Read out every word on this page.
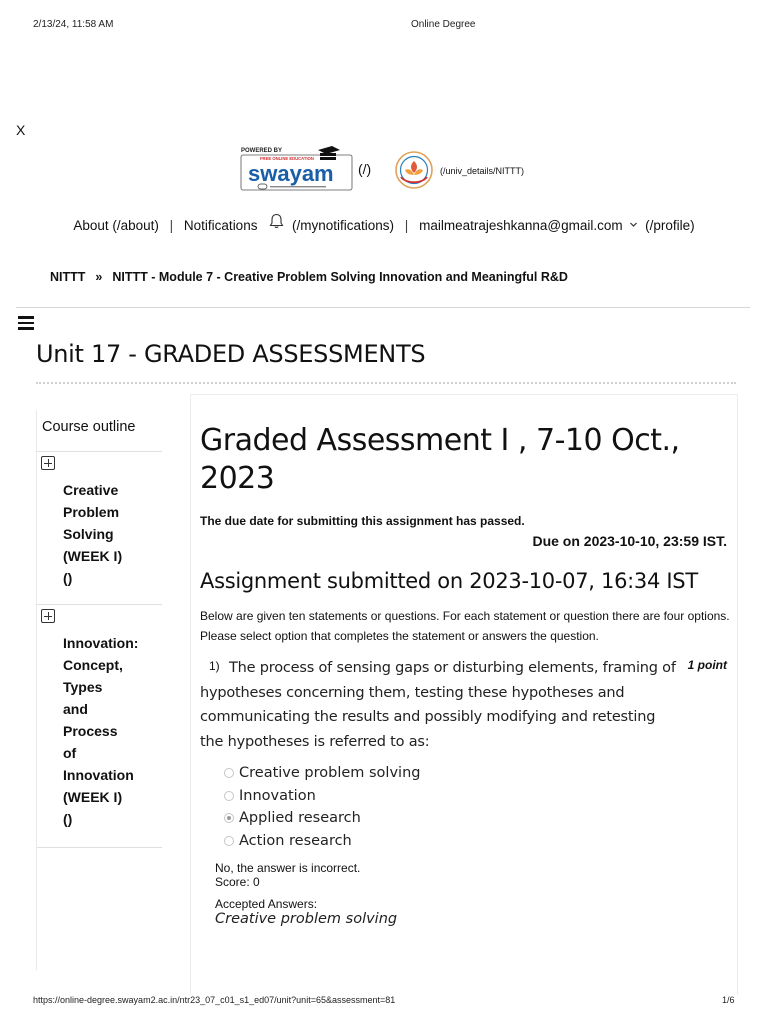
2/13/24, 11:58 AM	Online Degree
X
POWERED BY
FREE ONLINE EDUCATION
swayam (/)	(/univ_details/NITTT)
About (/about) | Notifications	(/mynotifications) | mailmeatrajeshkanna@gmail.com (/profile)
NITTT » NITTT - Module 7 - Creative Problem Solving Innovation and Meaningful R&D
Unit 17 - GRADED ASSESSMENTS
Course outline
Creative
Problem
Solving
(WEEK I)
()
Innovation:
Concept,
Types
and
Process
of
Innovation
(WEEK I)
()
Graded Assessment I , 7-10 Oct., 2023
The due date for submitting this assignment has passed.
Due on 2023-10-10, 23:59 IST.
Assignment submitted on 2023-10-07, 16:34 IST
Below are given ten statements or questions. For each statement or question there are four options. Please select option that completes the statement or answers the question.
1)	1 point
The process of sensing gaps or disturbing elements, framing of hypotheses concerning them, testing these hypotheses and communicating the results and possibly modifying and retesting the hypotheses is referred to as:
Creative problem solving
Innovation
Applied research
Action research
No, the answer is incorrect.
Score: 0
Accepted Answers:
Creative problem solving
https://online-degree.swayam2.ac.in/ntr23_07_c01_s1_ed07/unit?unit=65&assessment=81	1/6
